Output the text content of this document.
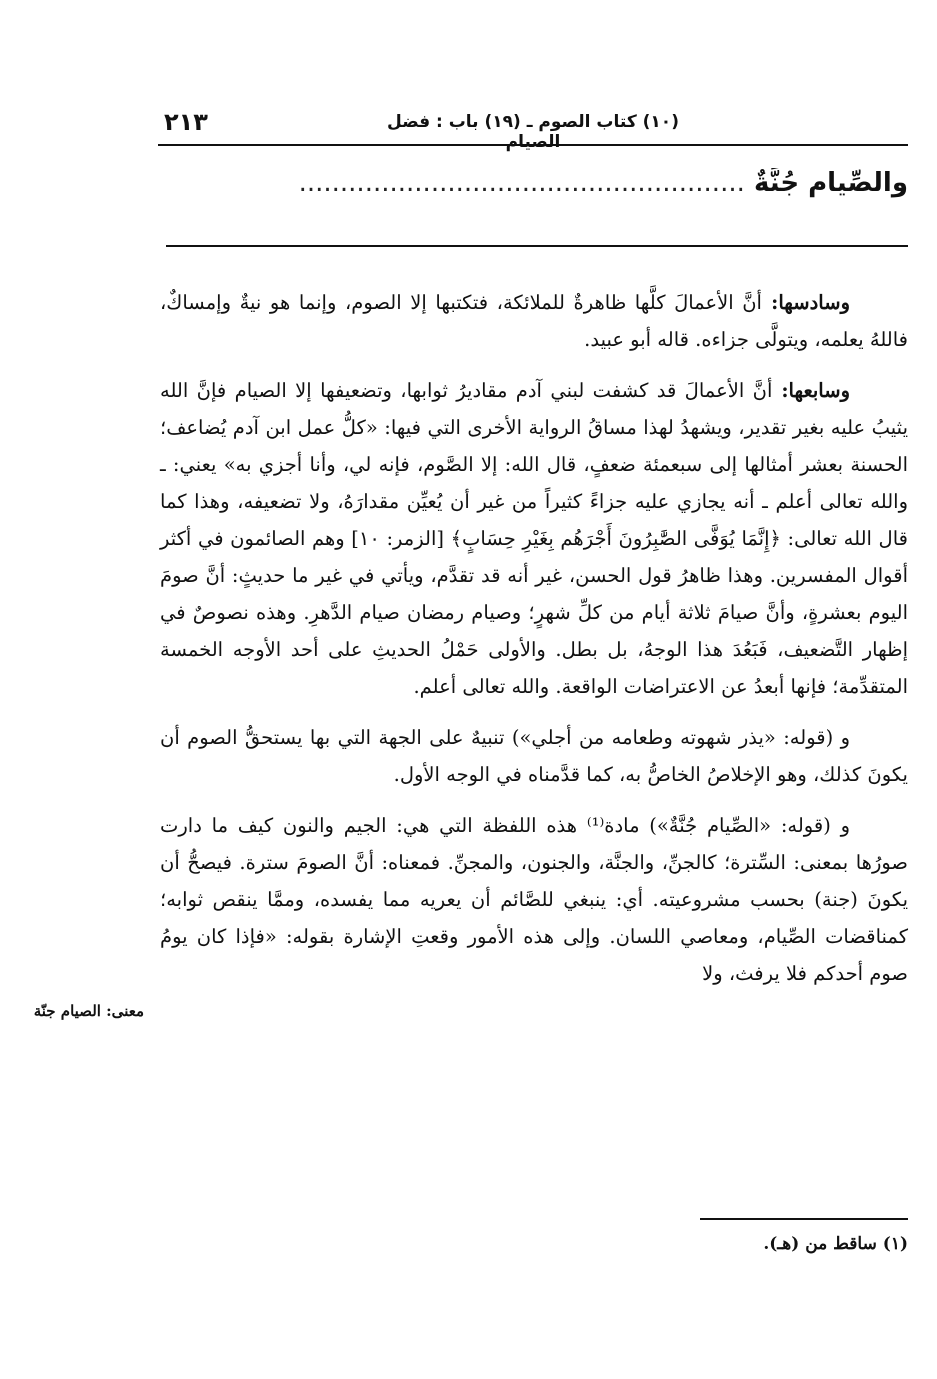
٢١٣	(١٠) كتاب الصوم ـ (١٩) باب : فضل الصيام
والصِّيام جُنَّةٌ ......................................................

وسادسها: أنَّ الأعمالَ كلَّها ظاهرةٌ للملائكة، فتكتبها إلا الصوم، وإنما هو نيةٌ وإمساكٌ، فاللهُ يعلمه، ويتولَّى جزاءه. قاله أبو عبيد.

وسابعها: أنَّ الأعمالَ قد كشفت لبني آدم مقاديرُ ثوابها، وتضعيفها إلا الصيام فإنَّ الله يثيبُ عليه بغير تقدير، ويشهدُ لهذا مساقُ الرواية الأخرى التي فيها: «كلُّ عمل ابن آدم يُضاعف؛ الحسنة بعشر أمثالها إلى سبعمئة ضعفٍ، قال الله: إلا الصَّوم، فإنه لي، وأنا أجزي به» يعني: ـ والله تعالى أعلم ـ أنه يجازي عليه جزاءً كثيراً من غير أن يُعيِّن مقدارَهُ، ولا تضعيفه، وهذا كما قال الله تعالى: ﴿إِنَّمَا يُوَفَّى الصَّٰبِرُونَ أَجْرَهُم بِغَيْرِ حِسَابٍ﴾ [الزمر: ١٠] وهم الصائمون في أكثر أقوال المفسرين. وهذا ظاهرُ قول الحسن، غير أنه قد تقدَّم، ويأتي في غير ما حديثٍ: أنَّ صومَ اليوم بعشرةٍ، وأنَّ صيامَ ثلاثة أيام من كلِّ شهرٍ؛ وصيام رمضان صيام الدَّهرِ. وهذه نصوصٌ في إظهار التَّضعيف، فَبَعُدَ هذا الوجهُ، بل بطل. والأولى حَمْلُ الحديثِ على أحد الأوجه الخمسة المتقدِّمة؛ فإنها أبعدُ عن الاعتراضات الواقعة. والله تعالى أعلم.

و (قوله: «يذر شهوته وطعامه من أجلي») تنبيهٌ على الجهة التي بها يستحقُّ الصوم أن يكونَ كذلك، وهو الإخلاصُ الخاصُّ به، كما قدَّمناه في الوجه الأول.

و (قوله: «الصِّيام جُنَّةٌ») مادة⁽¹⁾ هذه اللفظة التي هي: الجيم والنون كيف ما دارت صورُها بمعنى: السِّترة؛ كالجنِّ، والجنَّة، والجنون، والمجنِّ. فمعناه: أنَّ الصومَ سترة. فيصحُّ أن يكونَ (جنة) بحسب مشروعيته. أي: ينبغي للصَّائم أن يعريه مما يفسده، وممَّا ينقص ثوابه؛ كمناقضات الصِّيام، ومعاصي اللسان. وإلى هذه الأمور وقعتِ الإشارة بقوله: «فإذا كان يومُ صوم أحدكم فلا يرفث، ولا

معنى: الصيام جنّة
(١) ساقط من (هـ).
